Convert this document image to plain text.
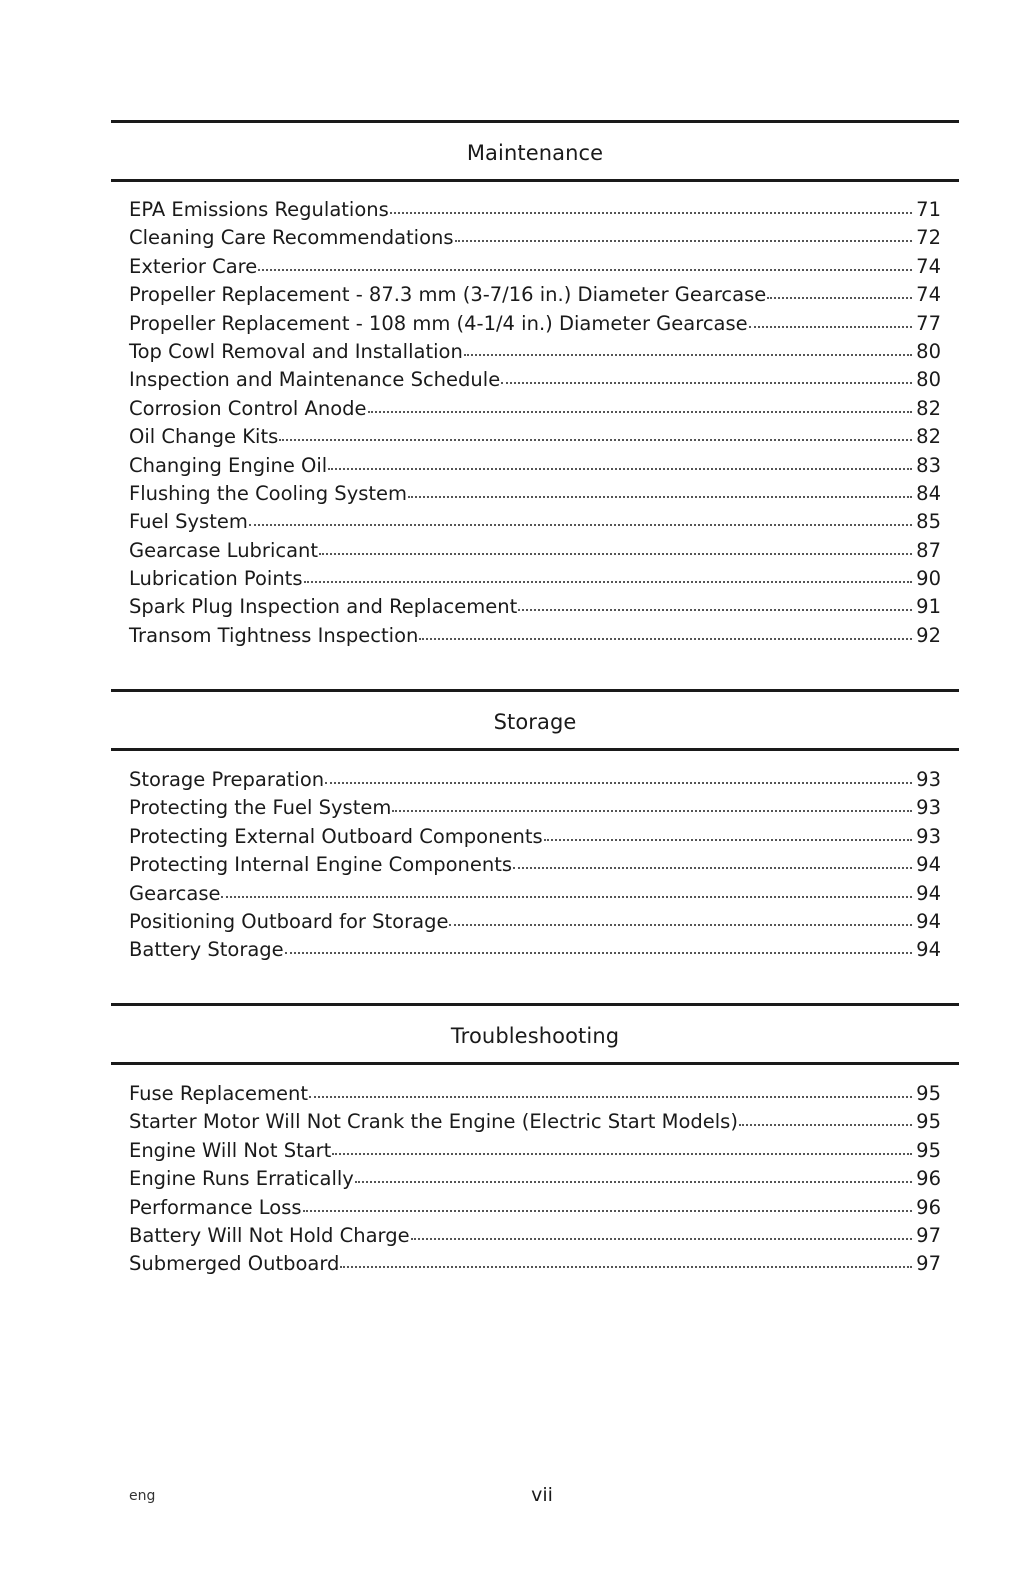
Maintenance
EPA Emissions Regulations	71
Cleaning Care Recommendations	72
Exterior Care	74
Propeller Replacement - 87.3 mm (3-7/16 in.) Diameter Gearcase	74
Propeller Replacement - 108 mm (4-1/4 in.) Diameter Gearcase	77
Top Cowl Removal and Installation	80
Inspection and Maintenance Schedule	80
Corrosion Control Anode	82
Oil Change Kits	82
Changing Engine Oil	83
Flushing the Cooling System	84
Fuel System	85
Gearcase Lubricant	87
Lubrication Points	90
Spark Plug Inspection and Replacement	91
Transom Tightness Inspection	92
Storage
Storage Preparation	93
Protecting the Fuel System	93
Protecting External Outboard Components	93
Protecting Internal Engine Components	94
Gearcase	94
Positioning Outboard for Storage	94
Battery Storage	94
Troubleshooting
Fuse Replacement	95
Starter Motor Will Not Crank the Engine (Electric Start Models)	95
Engine Will Not Start	95
Engine Runs Erratically	96
Performance Loss	96
Battery Will Not Hold Charge	97
Submerged Outboard	97
eng	vii
